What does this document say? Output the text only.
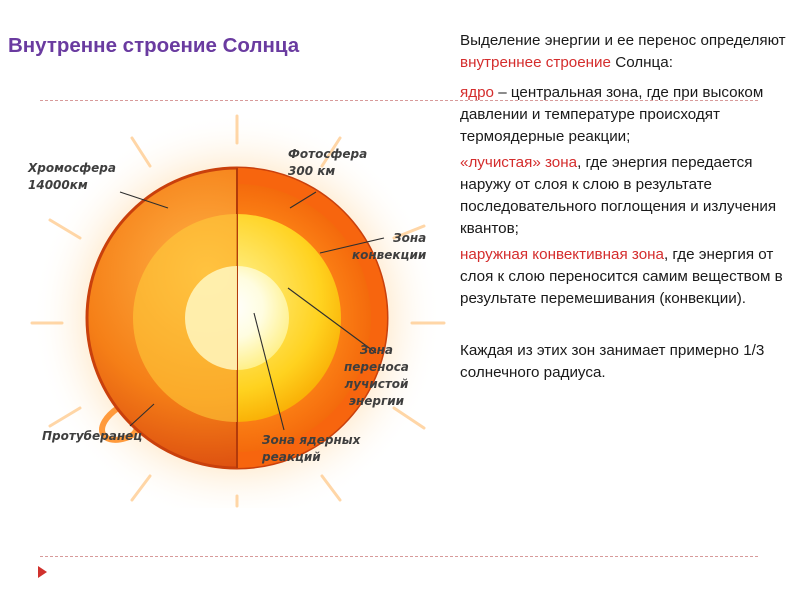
Внутренне строение Солнца
Хромосфера
14000км
Фотосфера
300 км
Зона
конвекции
Зона
переноса
лучистой
энергии
Протуберанец	Зона ядерных
реакций

Выделение энергии и ее перенос определяют внутреннее строение Солнца:

ядро – центральная зона, где при высоком давлении и температуре происходят термоядерные реакции;

«лучистая» зона, где энергия передается наружу от слоя к слою в результате последовательного поглощения и излучения квантов;

наружная конвективная зона, где энергия от слоя к слою переносится самим веществом в результате перемешивания (конвекции).

Каждая из этих зон занимает примерно 1/3 солнечного радиуса.
